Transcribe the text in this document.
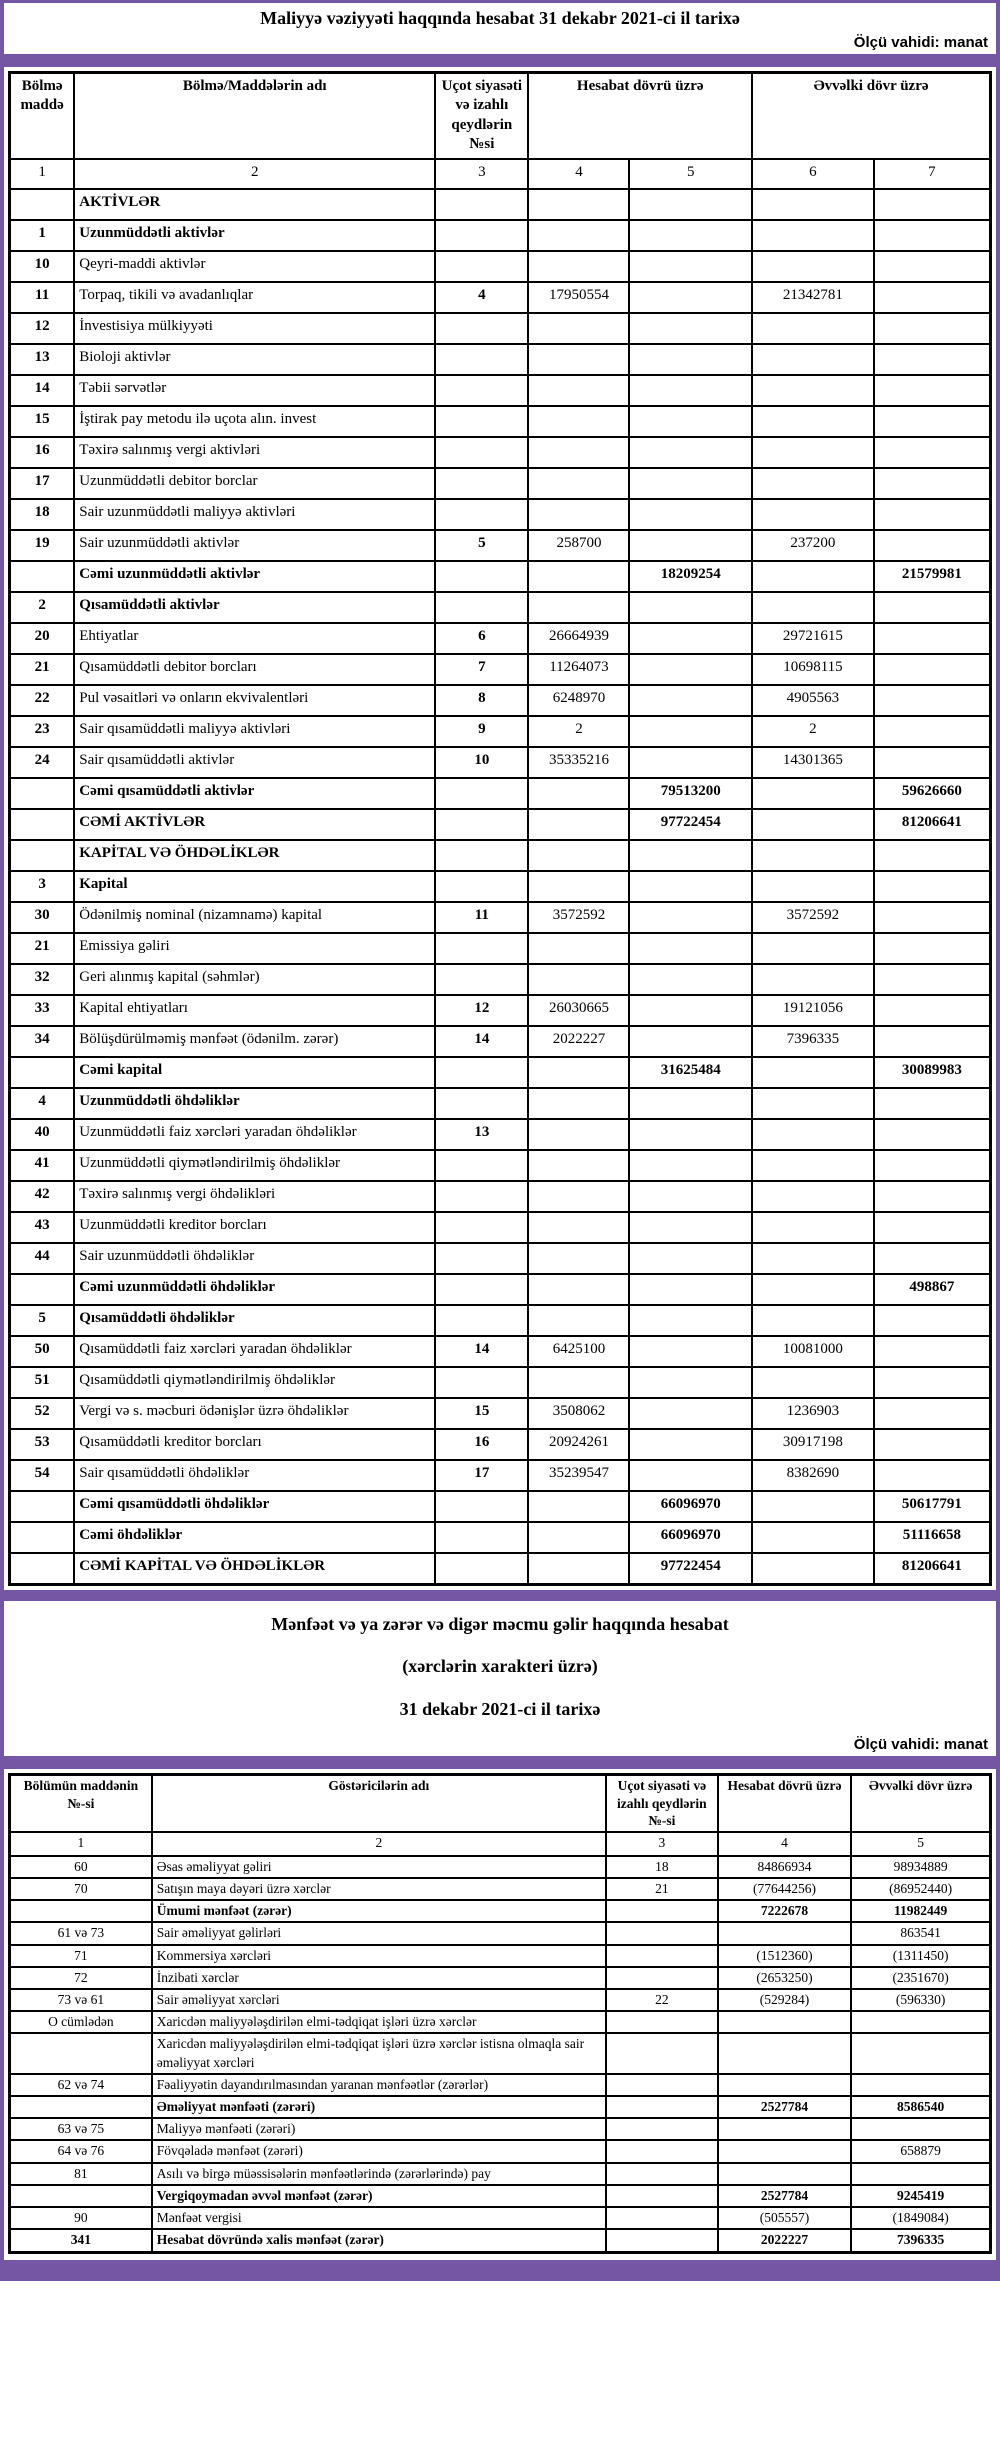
Maliyyə vəziyyəti haqqında hesabat 31 dekabr 2021-ci il tarixə
Ölçü vahidi: manat
Bölmə maddə	Bölmə/Maddələrin adı	Uçot siyasəti və izahlı qeydlərin №si	Hesabat dövrü üzrə		Əvvəlki dövr üzrə	
1	2	3	4	5	6	7
	AKTİVLƏR					
1	Uzunmüddətli aktivlər					
10	Qeyri-maddi aktivlər					
11	Torpaq, tikili və avadanlıqlar	4	17950554		21342781	
12	İnvestisiya mülkiyyəti					
13	Bioloji aktivlər					
14	Təbii sərvətlər					
15	İştirak pay metodu ilə uçota alın. invest					
16	Təxirə salınmış vergi aktivləri					
17	Uzunmüddətli debitor borclar					
18	Sair uzunmüddətli maliyyə aktivləri					
19	Sair uzunmüddətli aktivlər	5	258700		237200	
	Cəmi uzunmüddətli aktivlər			18209254		21579981
2	Qısamüddətli aktivlər					
20	Ehtiyatlar	6	26664939		29721615	
21	Qısamüddətli debitor borcları	7	11264073		10698115	
22	Pul vəsaitləri və onların ekvivalentləri	8	6248970		4905563	
23	Sair qısamüddətli maliyyə aktivləri	9	2		2	
24	Sair qısamüddətli aktivlər	10	35335216		14301365	
	Cəmi qısamüddətli aktivlər			79513200		59626660
	CƏMİ AKTİVLƏR			97722454		81206641
	KAPİTAL VƏ ÖHDƏLİKLƏR					
3	Kapital					
30	Ödənilmiş nominal (nizamnamə) kapital	11	3572592		3572592	
21	Emissiya gəliri					
32	Geri alınmış kapital (səhmlər)					
33	Kapital ehtiyatları	12	26030665		19121056	
34	Bölüşdürülməmiş mənfəət (ödənilm. zərər)	14	2022227		7396335	
	Cəmi kapital			31625484		30089983
4	Uzunmüddətli öhdəliklər					
40	Uzunmüddətli faiz xərcləri yaradan öhdəliklər	13				
41	Uzunmüddətli qiymətləndirilmiş öhdəliklər					
42	Təxirə salınmış vergi öhdəlikləri					
43	Uzunmüddətli kreditor borcları					
44	Sair uzunmüddətli öhdəliklər					
	Cəmi uzunmüddətli öhdəliklər					498867
5	Qısamüddətli öhdəliklər					
50	Qısamüddətli faiz xərcləri yaradan öhdəliklər	14	6425100		10081000	
51	Qısamüddətli qiymətləndirilmiş öhdəliklər					
52	Vergi və s. məcburi ödənişlər üzrə öhdəliklər	15	3508062		1236903	
53	Qısamüddətli kreditor borcları	16	20924261		30917198	
54	Sair qısamüddətli öhdəliklər	17	35239547		8382690	
	Cəmi qısamüddətli öhdəliklər			66096970		50617791
	Cəmi öhdəliklər			66096970		51116658
	CƏMİ KAPİTAL VƏ ÖHDƏLİKLƏR			97722454		81206641
Mənfəət və ya zərər və digər məcmu gəlir haqqında hesabat
(xərclərin xarakteri üzrə)
31 dekabr 2021-ci il tarixə
Ölçü vahidi: manat
Bölümün maddənin №-si	Göstəricilərin adı	Uçot siyasəti və izahlı qeydlərin №-si	Hesabat dövrü üzrə	Əvvəlki dövr üzrə
1	2	3	4	5
60	Əsas əməliyyat gəliri	18	84866934	98934889
70	Satışın maya dəyəri üzrə xərclər	21	(77644256)	(86952440)
	Ümumi mənfəət (zərər)		7222678	11982449
61 və 73	Sair əməliyyat gəlirləri			863541
71	Kommersiya xərcləri		(1512360)	(1311450)
72	İnzibati xərclər		(2653250)	(2351670)
73 və 61	Sair əməliyyat xərcləri	22	(529284)	(596330)
O cümlədən	Xaricdən maliyyələşdirilən elmi-tədqiqat işləri üzrə xərclər			
	Xaricdən maliyyələşdirilən elmi-tədqiqat işləri üzrə xərclər istisna olmaqla sair əməliyyat xərcləri			
62 və 74	Fəaliyyətin dayandırılmasından yaranan mənfəətlər (zərərlər)			
	Əməliyyat mənfəəti (zərəri)		2527784	8586540
63 və 75	Maliyyə mənfəəti (zərəri)			
64 və 76	Fövqəladə mənfəət (zərəri)			658879
81	Asılı və birgə müəssisələrin mənfəətlərində (zərərlərində) pay			
	Vergiqoymadan əvvəl mənfəət (zərər)		2527784	9245419
90	Mənfəət vergisi		(505557)	(1849084)
341	Hesabat dövründə xalis mənfəət (zərər)		2022227	7396335
